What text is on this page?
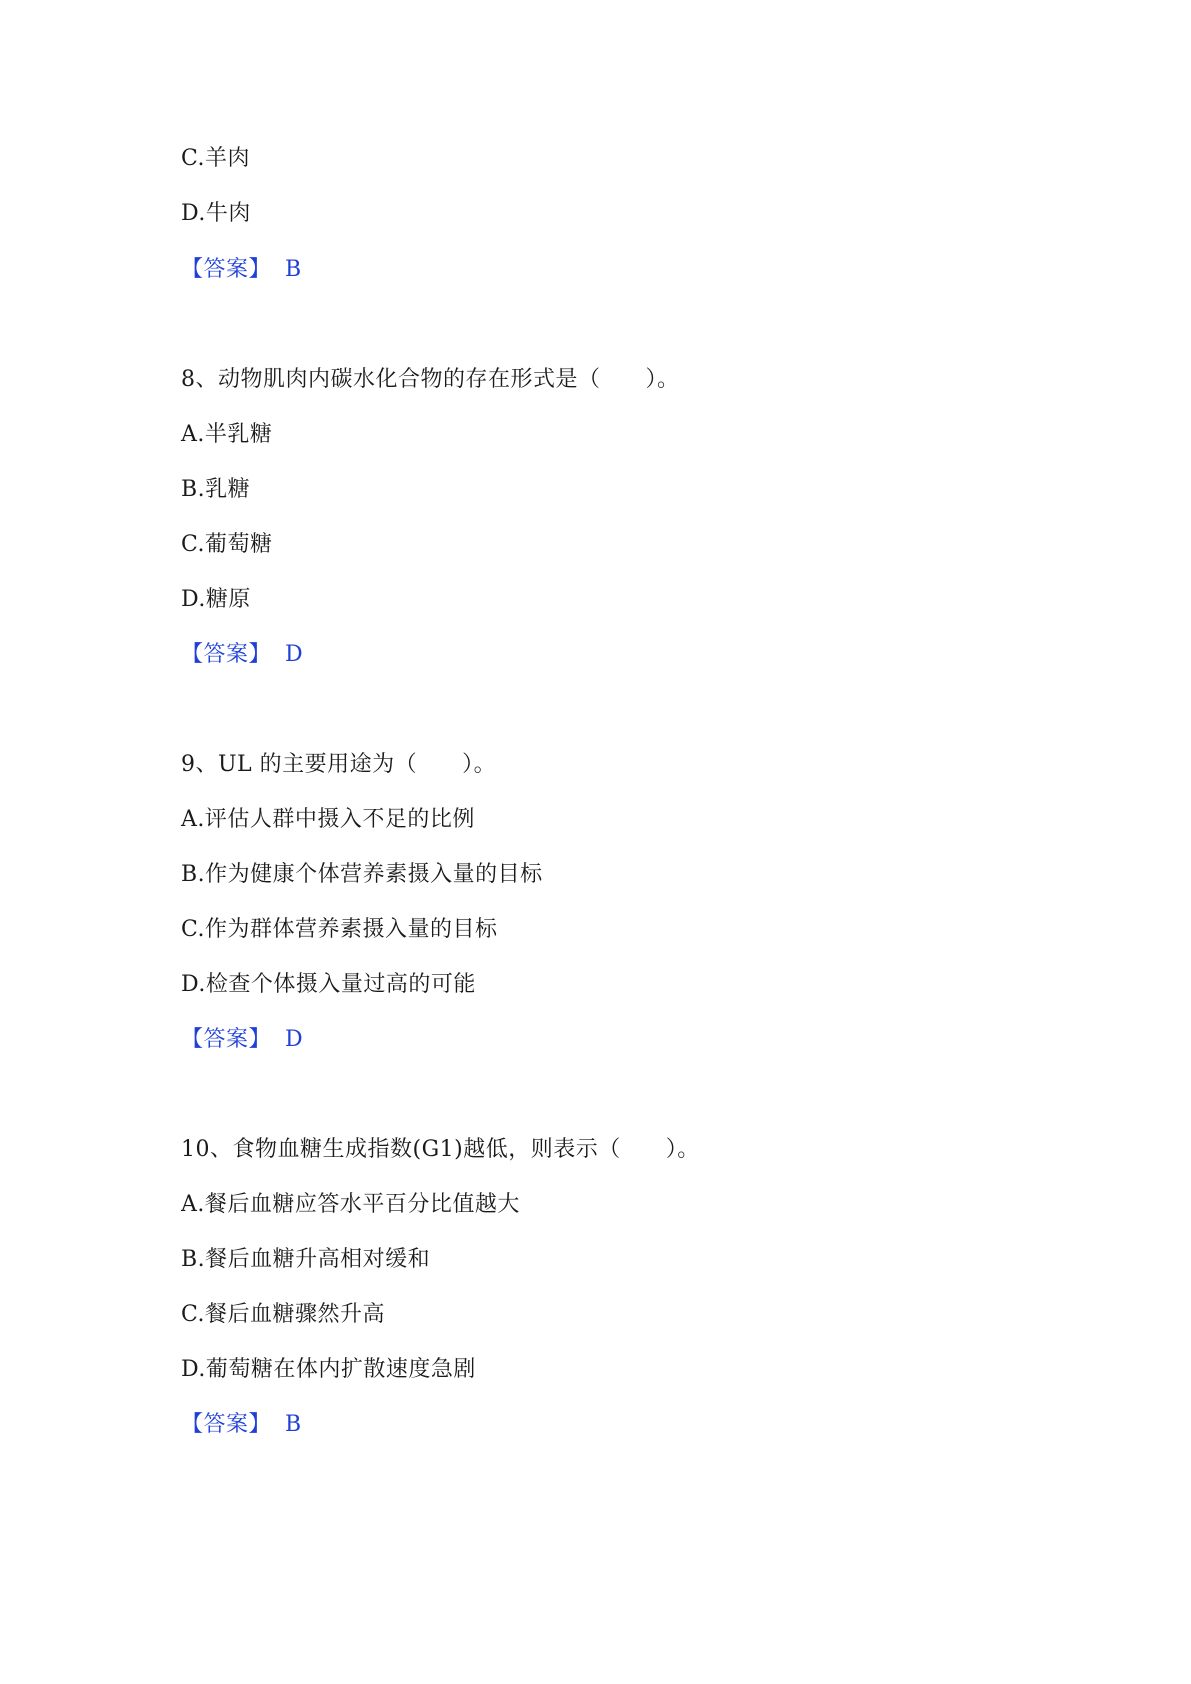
C.羊肉
D.牛肉
【答案】 B
8、动物肌肉内碳水化合物的存在形式是（　　）。
A.半乳糖
B.乳糖
C.葡萄糖
D.糖原
【答案】 D
9、UL 的主要用途为（　　）。
A.评估人群中摄入不足的比例
B.作为健康个体营养素摄入量的目标
C.作为群体营养素摄入量的目标
D.检查个体摄入量过高的可能
【答案】 D
10、食物血糖生成指数(G1)越低，则表示（　　）。
A.餐后血糖应答水平百分比值越大
B.餐后血糖升高相对缓和
C.餐后血糖骤然升高
D.葡萄糖在体内扩散速度急剧
【答案】 B
